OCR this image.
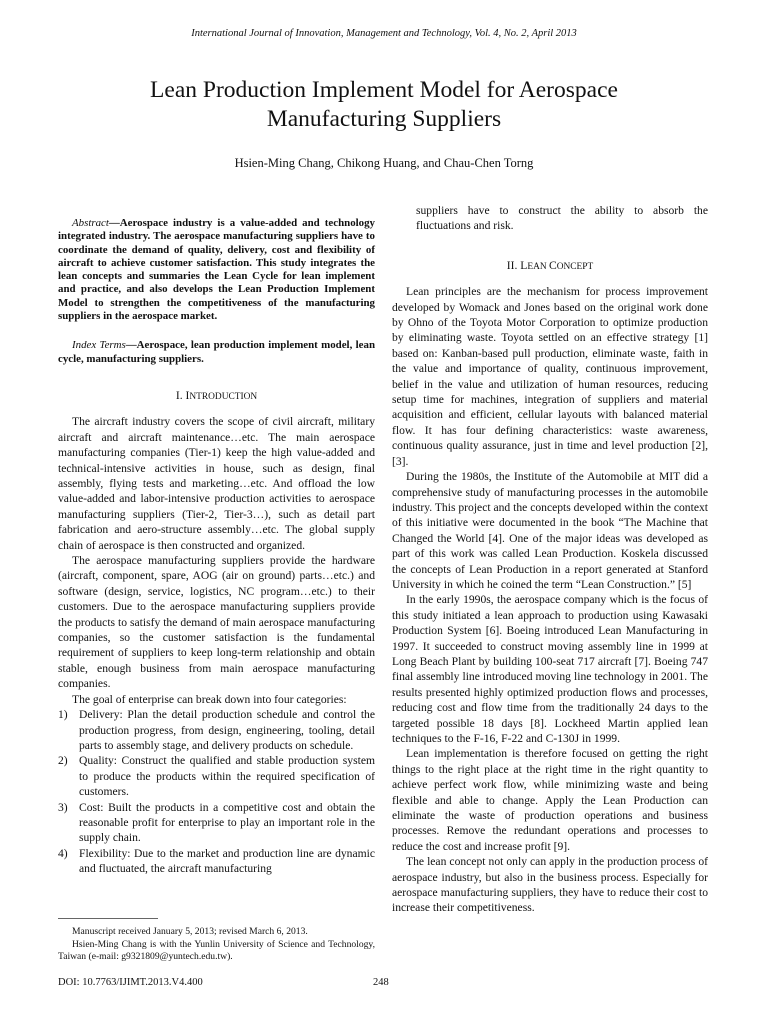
International Journal of Innovation, Management and Technology, Vol. 4, No. 2, April 2013
Lean Production Implement Model for Aerospace
Manufacturing Suppliers
Hsien-Ming Chang, Chikong Huang, and Chau-Chen Torng

Abstract—Aerospace industry is a value-added and technology integrated industry. The aerospace manufacturing suppliers have to coordinate the demand of quality, delivery, cost and flexibility of aircraft to achieve customer satisfaction. This study integrates the lean concepts and summaries the Lean Cycle for lean implement and practice, and also develops the Lean Production Implement Model to strengthen the competitiveness of the manufacturing suppliers in the aerospace market.

Index Terms—Aerospace, lean production implement model, lean cycle, manufacturing suppliers.

I. INTRODUCTION

The aircraft industry covers the scope of civil aircraft, military aircraft and aircraft maintenance…etc. The main aerospace manufacturing companies (Tier-1) keep the high value-added and technical-intensive activities in house, such as design, final assembly, flying tests and marketing…etc. And offload the low value-added and labor-intensive production activities to aerospace manufacturing suppliers (Tier-2, Tier-3…), such as detail part fabrication and aero-structure assembly…etc. The global supply chain of aerospace is then constructed and organized.

The aerospace manufacturing suppliers provide the hardware (aircraft, component, spare, AOG (air on ground) parts…etc.) and software (design, service, logistics, NC program…etc.) to their customers. Due to the aerospace manufacturing suppliers provide the products to satisfy the demand of main aerospace manufacturing companies, so the customer satisfaction is the fundamental requirement of suppliers to keep long-term relationship and obtain stable, enough business from main aerospace manufacturing companies.

The goal of enterprise can break down into four categories:

1) Delivery: Plan the detail production schedule and control the production progress, from design, engineering, tooling, detail parts to assembly stage, and delivery products on schedule.
2) Quality: Construct the qualified and stable production system to produce the products within the required specification of customers.
3) Cost: Built the products in a competitive cost and obtain the reasonable profit for enterprise to play an important role in the supply chain.
4) Flexibility: Due to the market and production line are dynamic and fluctuated, the aircraft manufacturing

suppliers have to construct the ability to absorb the fluctuations and risk.

II. LEAN CONCEPT

Lean principles are the mechanism for process improvement developed by Womack and Jones based on the original work done by Ohno of the Toyota Motor Corporation to optimize production by eliminating waste. Toyota settled on an effective strategy [1] based on: Kanban-based pull production, eliminate waste, faith in the value and importance of quality, continuous improvement, belief in the value and utilization of human resources, reducing setup time for machines, integration of suppliers and material acquisition and efficient, cellular layouts with balanced material flow. It has four defining characteristics: waste awareness, continuous quality assurance, just in time and level production [2], [3].

During the 1980s, the Institute of the Automobile at MIT did a comprehensive study of manufacturing processes in the automobile industry. This project and the concepts developed within the context of this initiative were documented in the book “The Machine that Changed the World [4]. One of the major ideas was developed as part of this work was called Lean Production. Koskela discussed the concepts of Lean Production in a report generated at Stanford University in which he coined the term “Lean Construction.” [5]

In the early 1990s, the aerospace company which is the focus of this study initiated a lean approach to production using Kawasaki Production System [6]. Boeing introduced Lean Manufacturing in 1997. It succeeded to construct moving assembly line in 1999 at Long Beach Plant by building 100-seat 717 aircraft [7]. Boeing 747 final assembly line introduced moving line technology in 2001. The results presented highly optimized production flows and processes, reducing cost and flow time from the traditionally 24 days to the targeted possible 18 days [8]. Lockheed Martin applied lean techniques to the F-16, F-22 and C-130J in 1999.

Lean implementation is therefore focused on getting the right things to the right place at the right time in the right quantity to achieve perfect work flow, while minimizing waste and being flexible and able to change. Apply the Lean Production can eliminate the waste of production operations and business processes. Remove the redundant operations and processes to reduce the cost and increase profit [9].

The lean concept not only can apply in the production process of aerospace industry, but also in the business process. Especially for aerospace manufacturing suppliers, they have to reduce their cost to increase their competitiveness.

Manuscript received January 5, 2013; revised March 6, 2013.

Hsien-Ming Chang is with the Yunlin University of Science and Technology, Taiwan (e-mail: g9321809@yuntech.edu.tw).

DOI: 10.7763/IJIMT.2013.V4.400	248
